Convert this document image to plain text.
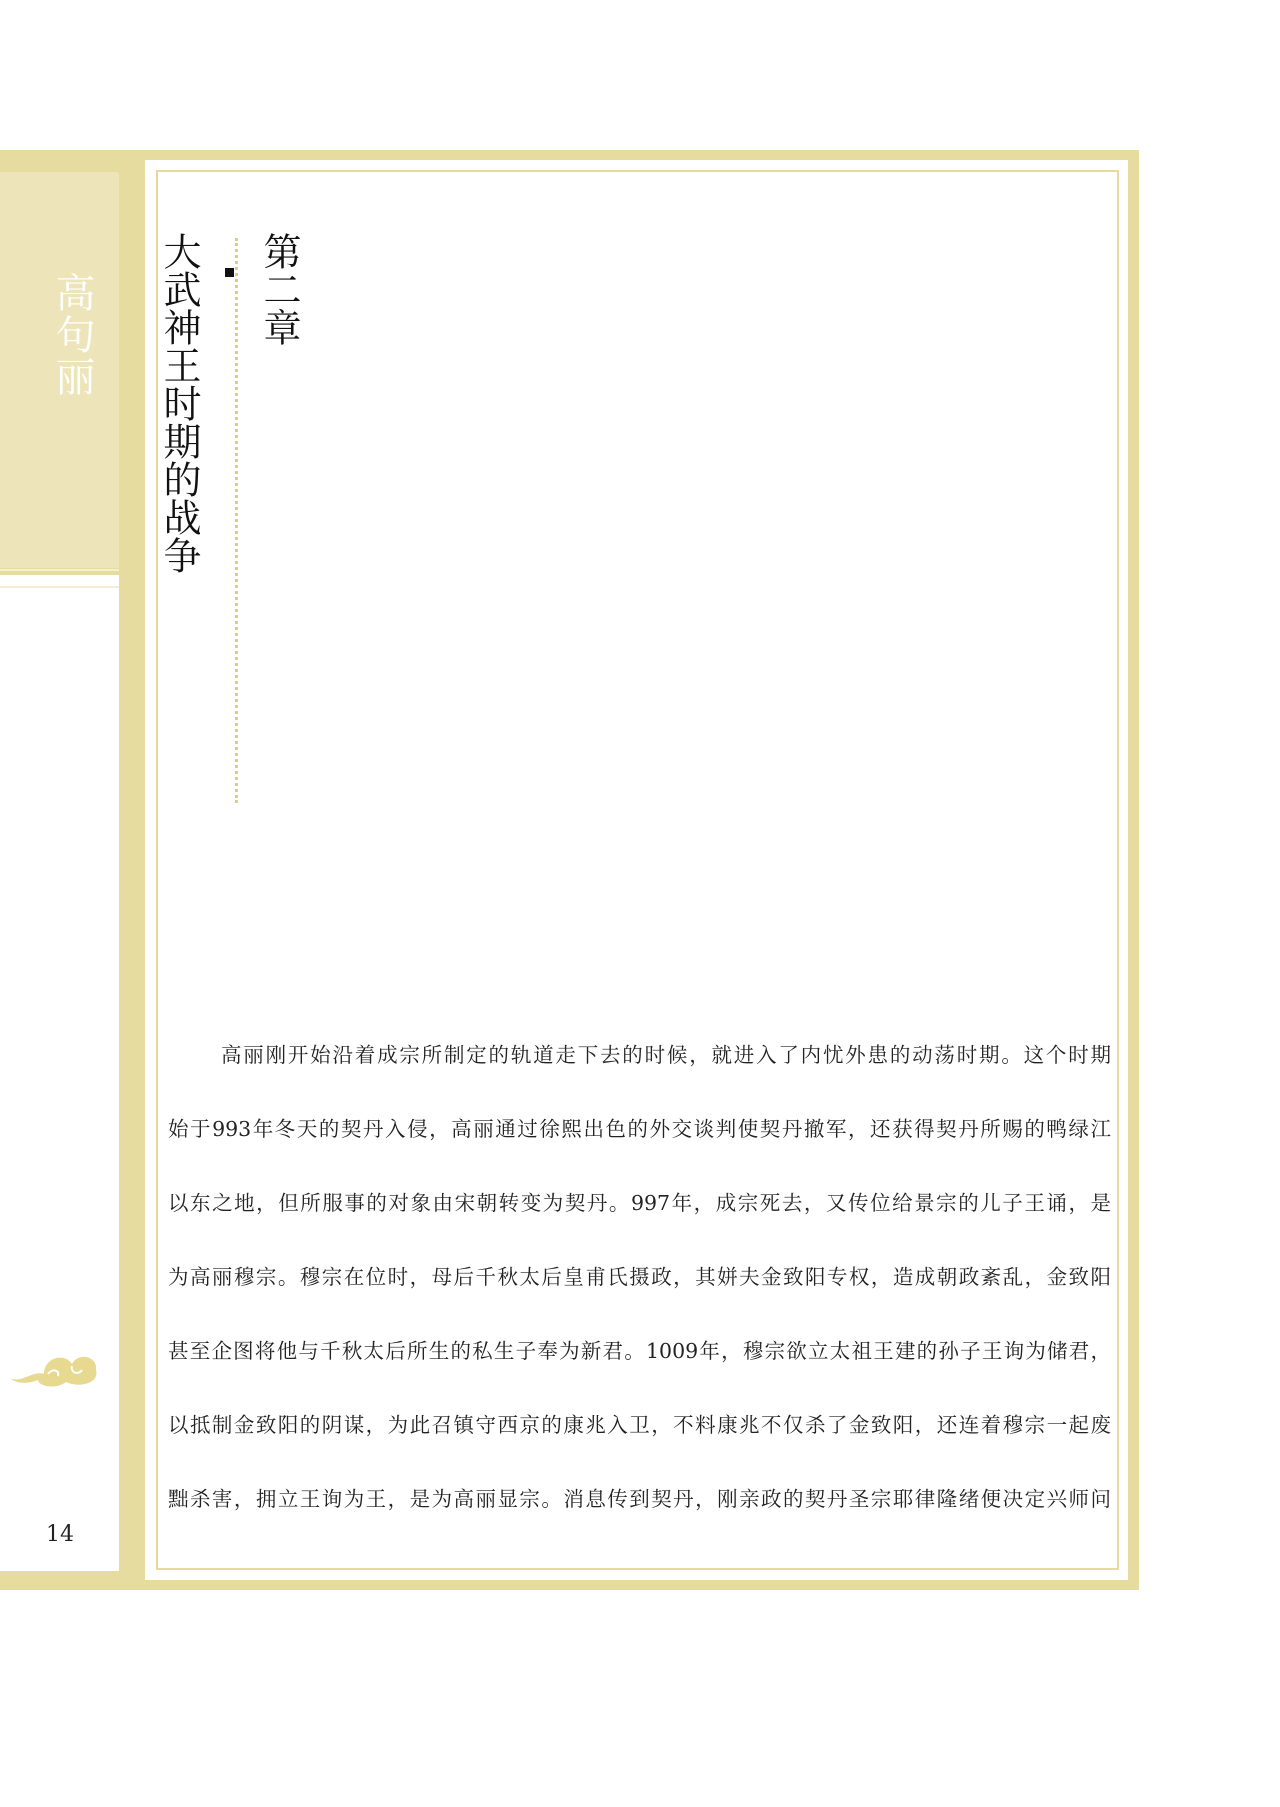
高句丽
14
第二章
大武神王时期的战争
高丽刚开始沿着成宗所制定的轨道走下去的时候，就进入了内忧外患的动荡时期。这个时期
始于993年冬天的契丹入侵，高丽通过徐熙出色的外交谈判使契丹撤军，还获得契丹所赐的鸭绿江
以东之地，但所服事的对象由宋朝转变为契丹。997年，成宗死去，又传位给景宗的儿子王诵，是
为高丽穆宗。穆宗在位时，母后千秋太后皇甫氏摄政，其姘夫金致阳专权，造成朝政紊乱，金致阳
甚至企图将他与千秋太后所生的私生子奉为新君。1009年，穆宗欲立太祖王建的孙子王询为储君，
以抵制金致阳的阴谋，为此召镇守西京的康兆入卫，不料康兆不仅杀了金致阳，还连着穆宗一起废
黜杀害，拥立王询为王，是为高丽显宗。消息传到契丹，刚亲政的契丹圣宗耶律隆绪便决定兴师问
